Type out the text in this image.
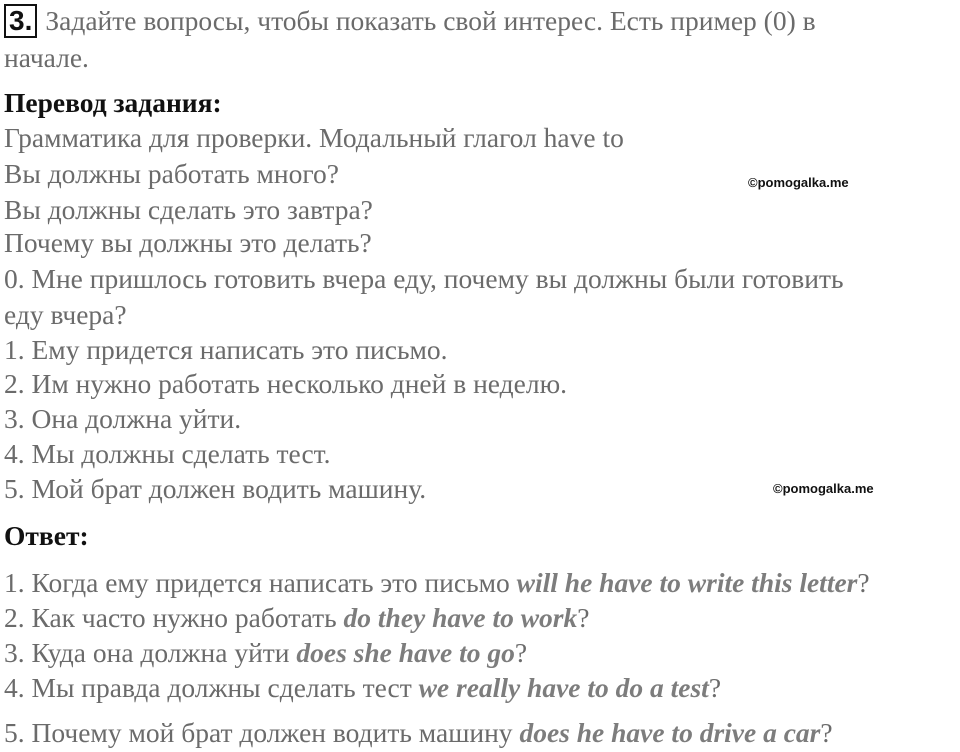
3. Задайте вопросы, чтобы показать свой интерес. Есть пример (0) в
начале.
Перевод задания:
Грамматика для проверки. Модальный глагол have to
Вы должны работать много?
Вы должны сделать это завтра?
Почему вы должны это делать?
0. Мне пришлось готовить вчера еду, почему вы должны были готовить
еду вчера?
1. Ему придется написать это письмо.
2. Им нужно работать несколько дней в неделю.
3. Она должна уйти.
4. Мы должны сделать тест.
5. Мой брат должен водить машину.
Ответ:
1. Когда ему придется написать это письмо will he have to write this letter?
2. Как часто нужно работать do they have to work?
3. Куда она должна уйти does she have to go?
4. Мы правда должны сделать тест we really have to do a test?
5. Почему мой брат должен водить машину does he have to drive a car?
©pomogalka.me
©pomogalka.me
